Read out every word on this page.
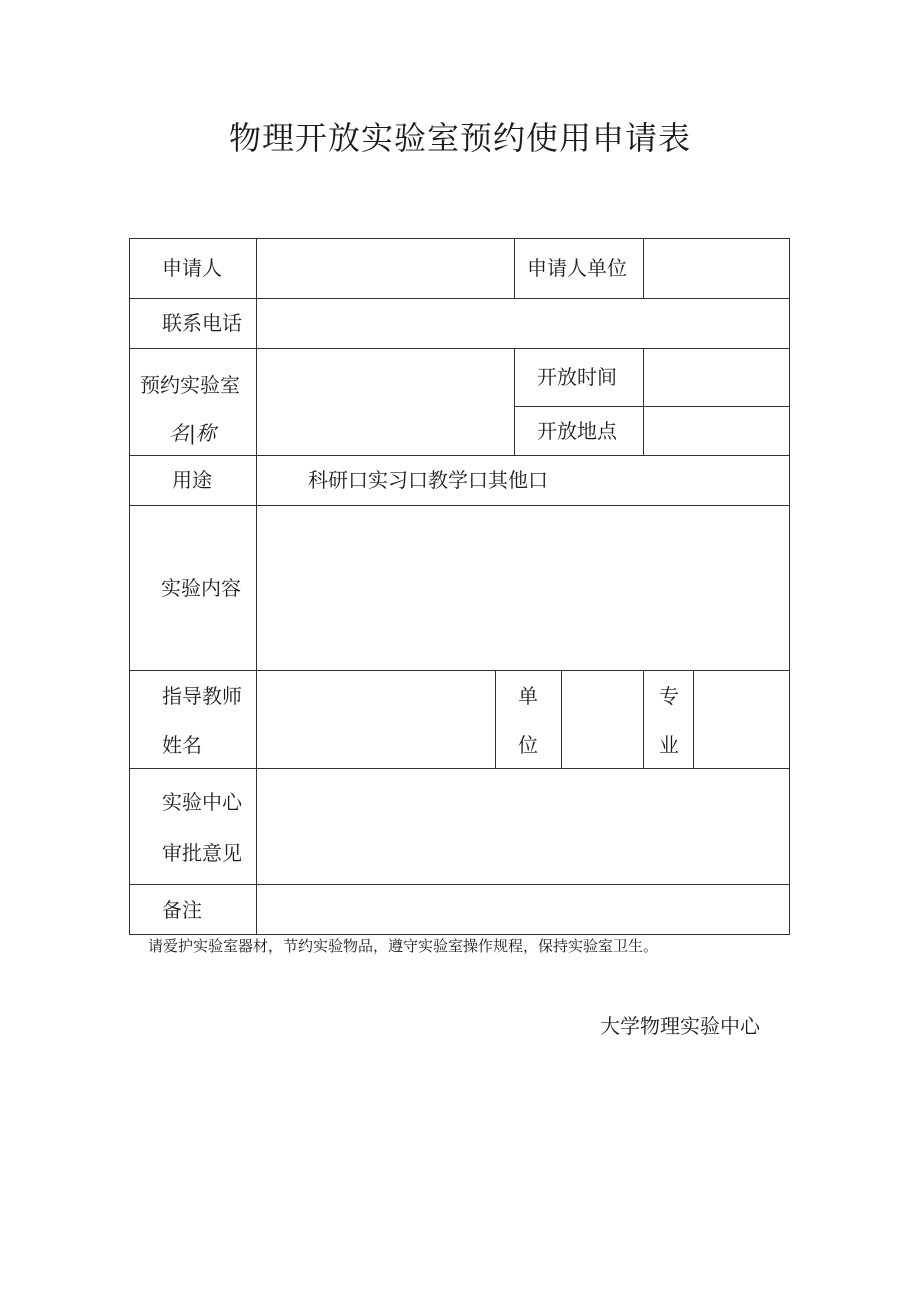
物理开放实验室预约使用申请表
申请人	申请人单位
联系电话
预约实验室
名|称
开放时间
开放地点
用途	科研口实习口教学口其他口
实验内容
指导教师
姓名
单
位
专
业
实验中心
审批意见
备注
请爱护实验室器材，节约实验物品，遵守实验室操作规程，保持实验室卫生。
大学物理实验中心
